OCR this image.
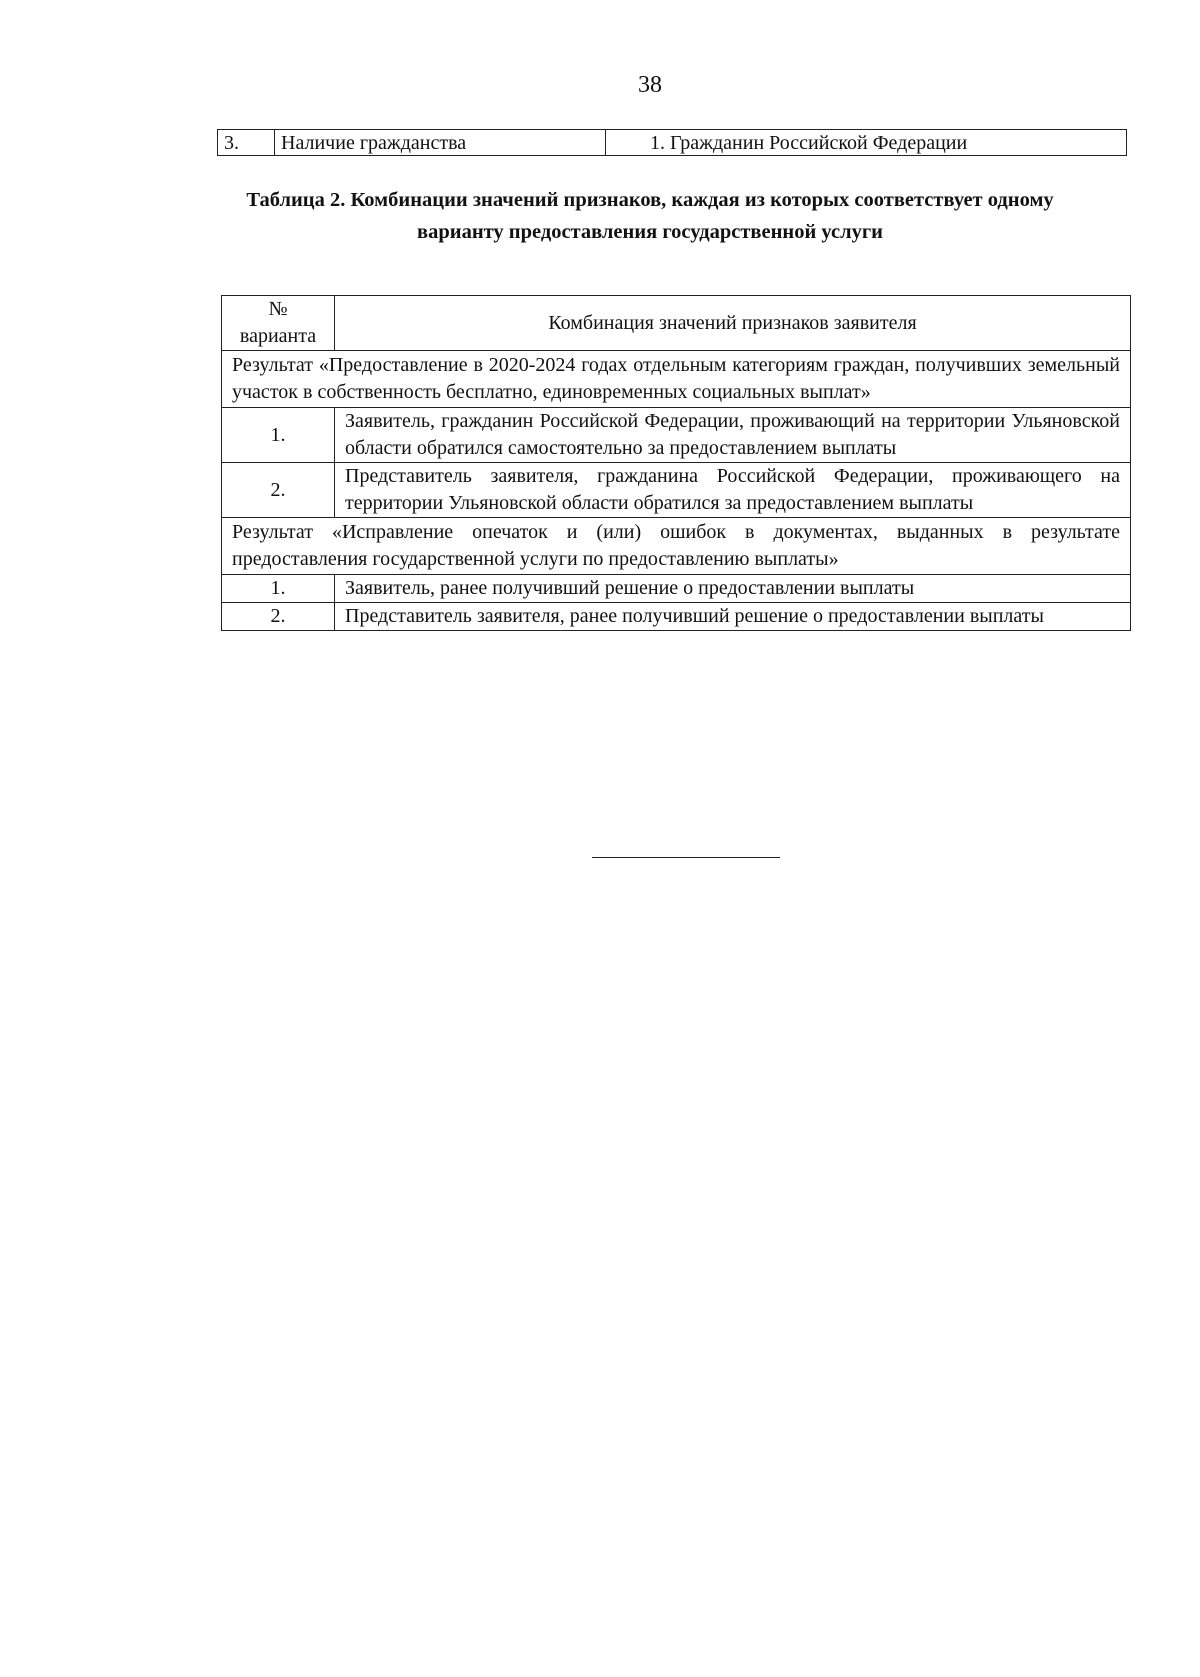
38
3.	Наличие гражданства	1. Гражданин Российской Федерации
Таблица 2. Комбинации значений признаков, каждая из которых соответствует одному
варианту предоставления государственной услуги
№
варианта	Комбинация значений признаков заявителя
Результат «Предоставление в 2020-2024 годах отдельным категориям граждан, получивших земельный участок в собственность бесплатно, единовременных социальных выплат»	
1.	Заявитель, гражданин Российской Федерации, проживающий на территории Ульяновской области обратился самостоятельно за предоставлением выплаты
2.	Представитель заявителя, гражданина Российской Федерации, проживающего на территории Ульяновской области обратился за предоставлением выплаты
Результат «Исправление опечаток и (или) ошибок в документах, выданных в результате предоставления государственной услуги по предоставлению выплаты»	
1.	Заявитель, ранее получивший решение о предоставлении выплаты
2.	Представитель заявителя, ранее получивший решение о предоставлении выплаты
